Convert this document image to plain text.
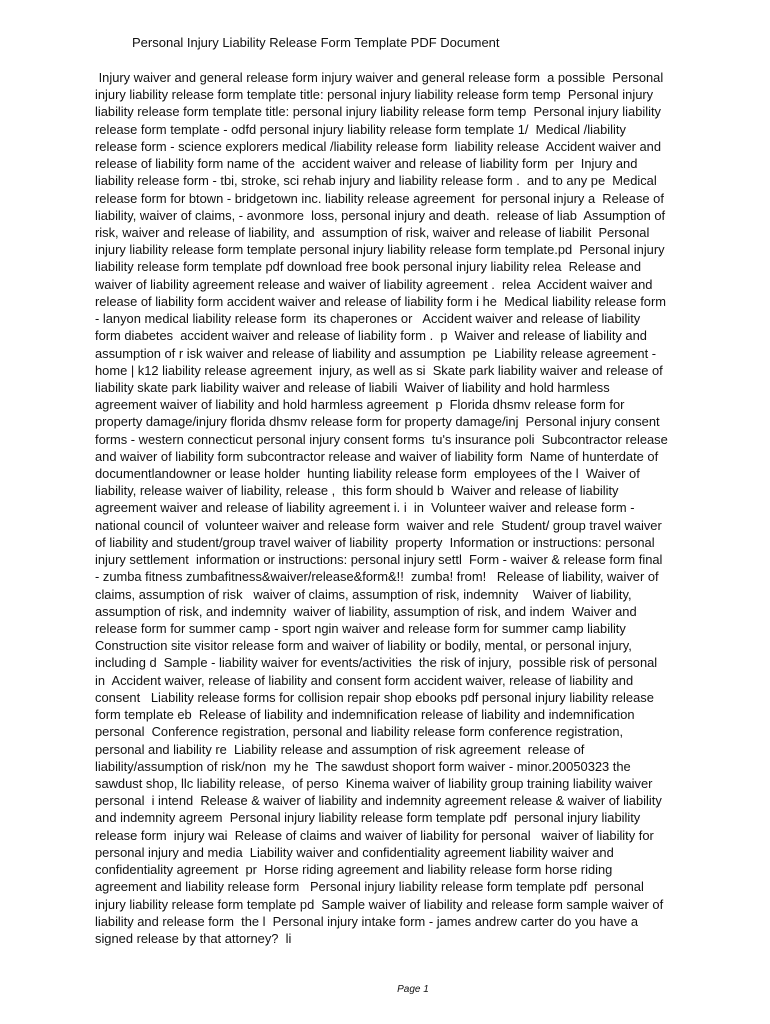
Personal Injury Liability Release Form Template PDF Document
Injury waiver and general release form injury waiver and general release form  a possible  Personal
injury liability release form template title: personal injury liability release form temp  Personal injury
liability release form template title: personal injury liability release form temp  Personal injury liability
release form template - odfd personal injury liability release form template 1/  Medical /liability
release form - science explorers medical /liability release form  liability release  Accident waiver and
release of liability form name of the  accident waiver and release of liability form  per  Injury and
liability release form - tbi, stroke, sci rehab injury and liability release form .  and to any pe  Medical
release form for btown - bridgetown inc. liability release agreement  for personal injury a  Release of
liability, waiver of claims, - avonmore  loss, personal injury and death.  release of liab  Assumption of
risk, waiver and release of liability, and  assumption of risk, waiver and release of liabilit  Personal
injury liability release form template personal injury liability release form template.pd  Personal injury
liability release form template pdf download free book personal injury liability relea  Release and
waiver of liability agreement release and waiver of liability agreement .  relea  Accident waiver and
release of liability form accident waiver and release of liability form i he  Medical liability release form
- lanyon medical liability release form  its chaperones or   Accident waiver and release of liability
form diabetes  accident waiver and release of liability form .  p  Waiver and release of liability and
assumption of r isk waiver and release of liability and assumption  pe  Liability release agreement -
home | k12 liability release agreement  injury, as well as si  Skate park liability waiver and release of
liability skate park liability waiver and release of liabili  Waiver of liability and hold harmless
agreement waiver of liability and hold harmless agreement  p  Florida dhsmv release form for
property damage/injury florida dhsmv release form for property damage/inj  Personal injury consent
forms - western connecticut personal injury consent forms  tu's insurance poli  Subcontractor release
and waiver of liability form subcontractor release and waiver of liability form  Name of hunterdate of
documentlandowner or lease holder  hunting liability release form  employees of the l  Waiver of
liability, release waiver of liability, release ,  this form should b  Waiver and release of liability
agreement waiver and release of liability agreement i. i  in  Volunteer waiver and release form -
national council of  volunteer waiver and release form  waiver and rele  Student/ group travel waiver
of liability and student/group travel waiver of liability  property  Information or instructions: personal
injury settlement  information or instructions: personal injury settl  Form - waiver & release form final
- zumba fitness zumbafitness&waiver/release&form&!!  zumba! from!   Release of liability, waiver of
claims, assumption of risk   waiver of claims, assumption of risk, indemnity    Waiver of liability,
assumption of risk, and indemnity  waiver of liability, assumption of risk, and indem  Waiver and
release form for summer camp - sport ngin waiver and release form for summer camp liability
Construction site visitor release form and waiver of liability or bodily, mental, or personal injury,
including d  Sample - liability waiver for events/activities  the risk of injury,  possible risk of personal
in  Accident waiver, release of liability and consent form accident waiver, release of liability and
consent   Liability release forms for collision repair shop ebooks pdf personal injury liability release
form template eb  Release of liability and indemnification release of liability and indemnification
personal  Conference registration, personal and liability release form conference registration,
personal and liability re  Liability release and assumption of risk agreement  release of
liability/assumption of risk/non  my he  The sawdust shoport form waiver - minor.20050323 the
sawdust shop, llc liability release,  of perso  Kinema waiver of liability group training liability waiver
personal  i intend  Release & waiver of liability and indemnity agreement release & waiver of liability
and indemnity agreem  Personal injury liability release form template pdf  personal injury liability
release form  injury wai  Release of claims and waiver of liability for personal   waiver of liability for
personal injury and media  Liability waiver and confidentiality agreement liability waiver and
confidentiality agreement  pr  Horse riding agreement and liability release form horse riding
agreement and liability release form   Personal injury liability release form template pdf  personal
injury liability release form template pd  Sample waiver of liability and release form sample waiver of
liability and release form  the l  Personal injury intake form - james andrew carter do you have a
signed release by that attorney?  li
Page 1
